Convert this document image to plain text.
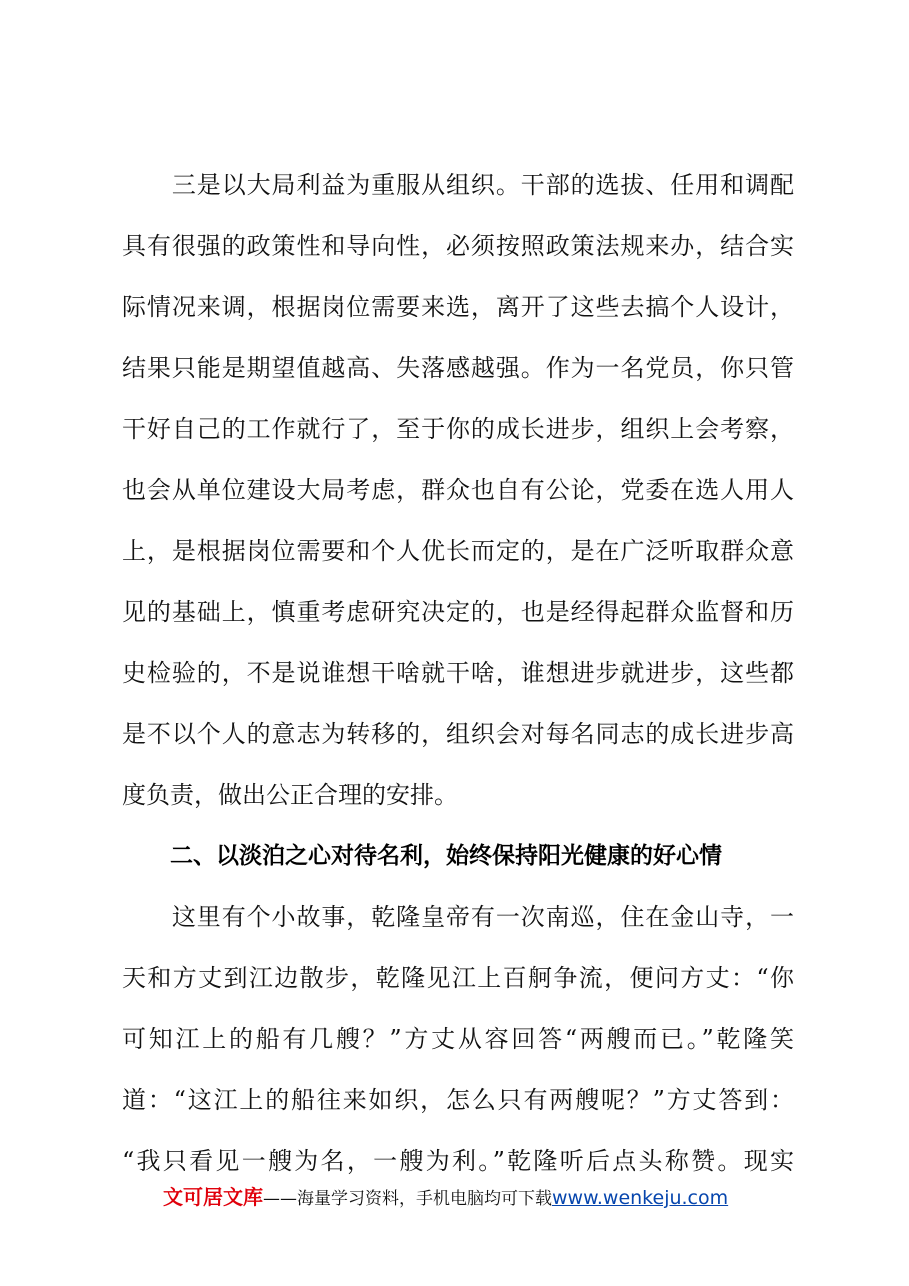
　　三是以大局利益为重服从组织。干部的选拔、任用和调配
具有很强的政策性和导向性，必须按照政策法规来办，结合实
际情况来调，根据岗位需要来选，离开了这些去搞个人设计，
结果只能是期望值越高、失落感越强。作为一名党员，你只管
干好自己的工作就行了，至于你的成长进步，组织上会考察，
也会从单位建设大局考虑，群众也自有公论，党委在选人用人
上，是根据岗位需要和个人优长而定的，是在广泛听取群众意
见的基础上，慎重考虑研究决定的，也是经得起群众监督和历
史检验的，不是说谁想干啥就干啥，谁想进步就进步，这些都
是不以个人的意志为转移的，组织会对每名同志的成长进步高
度负责，做出公正合理的安排。
二、以淡泊之心对待名利，始终保持阳光健康的好心情
　　这里有个小故事，乾隆皇帝有一次南巡，住在金山寺，一
天和方丈到江边散步，乾隆见江上百舸争流，便问方丈：“你
可知江上的船有几艘？”方丈从容回答“两艘而已。”乾隆笑
道：“这江上的船往来如织，怎么只有两艘呢？”方丈答到：
“我只看见一艘为名，一艘为利。”乾隆听后点头称赞。现实
文可居文库——海量学习资料，手机电脑均可下载www.wenkeju.com
